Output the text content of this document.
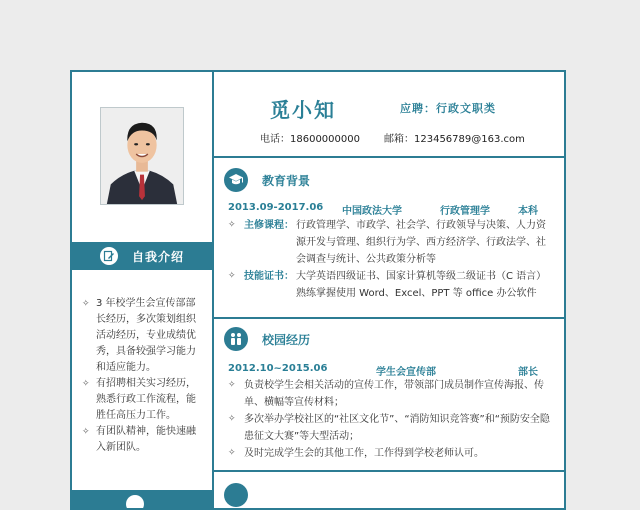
自我介绍
✧ 3 年校学生会宣传部部长经历，多次策划组织活动经历，专业成绩优秀，具备较强学习能力和适应能力。
✧ 有招聘相关实习经历，熟悉行政工作流程，能胜任高压力工作。
✧ 有团队精神，能快速融入新团队。
觅小知	应聘：行政文职类
电话：18600000000 邮箱：123456789@163.com
教育背景
2013.09-2017.06 中国政法大学	行政管理学	本科
✧ 主修课程： 行政管理学、市政学、社会学、行政领导与决策、人力资源开发与管理、组织行为学、西方经济学、行政法学、社会调查与统计、公共政策分析等
✧ 技能证书： 大学英语四级证书、国家计算机等级二级证书（C 语言）熟练掌握使用 Word、Excel、PPT 等 office 办公软件
校园经历
2012.10~2015.06	学生会宣传部	部长
✧ 负责校学生会相关活动的宣传工作，带领部门成员制作宣传海报、传单、横幅等宣传材料；
✧ 多次举办学校社区的“社区文化节”、“消防知识竞答赛”和“预防安全隐患征文大赛”等大型活动；
✧ 及时完成学生会的其他工作，工作得到学校老师认可。
